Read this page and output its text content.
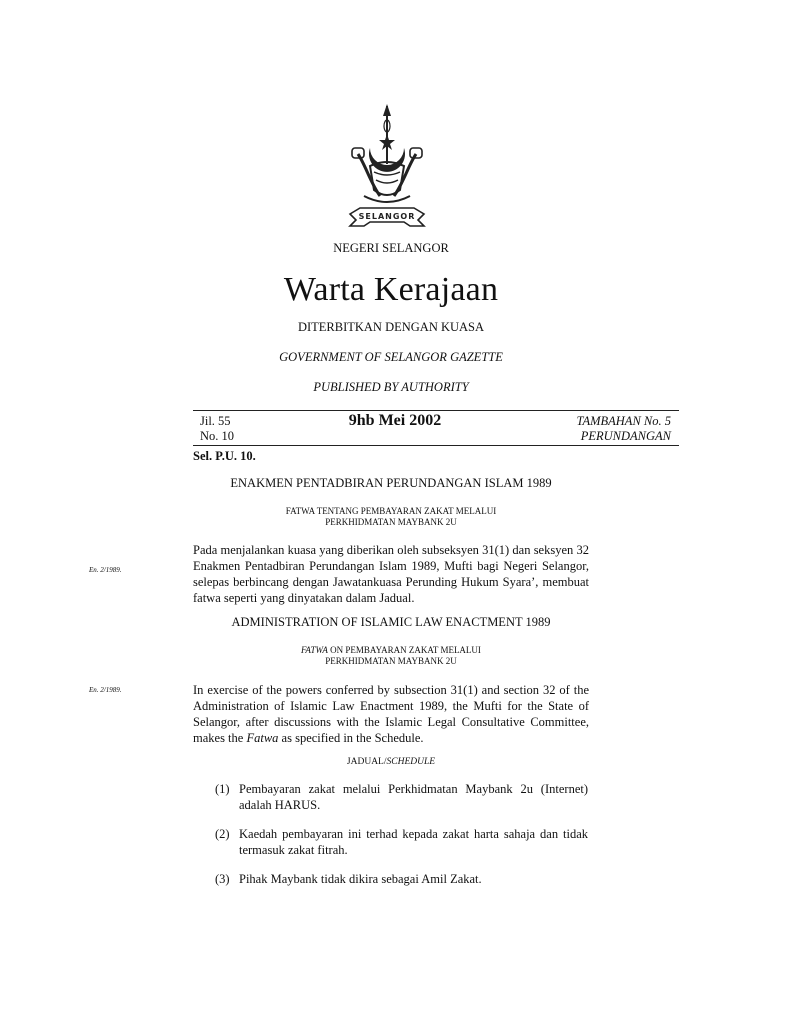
SELANGOR
NEGERI SELANGOR
Warta Kerajaan
DITERBITKAN DENGAN KUASA
GOVERNMENT OF SELANGOR GAZETTE
PUBLISHED BY AUTHORITY
Jil. 55
No. 10
9hb Mei 2002	TAMBAHAN No. 5
PERUNDANGAN
Sel. P.U. 10.
ENAKMEN PENTADBIRAN PERUNDANGAN ISLAM 1989
FATWA TENTANG PEMBAYARAN ZAKAT MELALUI
PERKHIDMATAN MAYBANK 2U
En. 2/1989.
Pada menjalankan kuasa yang diberikan oleh subseksyen 31(1) dan seksyen 32 Enakmen Pentadbiran Perundangan Islam 1989, Mufti bagi Negeri Selangor, selepas berbincang dengan Jawatankuasa Perunding Hukum Syara’, membuat fatwa seperti yang dinyatakan dalam Jadual.
ADMINISTRATION OF ISLAMIC LAW ENACTMENT 1989
FATWA ON PEMBAYARAN ZAKAT MELALUI
PERKHIDMATAN MAYBANK 2U
En. 2/1989.	In exercise of the powers conferred by subsection 31(1) and section 32 of the Administration of Islamic Law Enactment 1989, the Mufti for the State of Selangor, after discussions with the Islamic Legal Consultative Committee, makes the Fatwa as specified in the Schedule.
JADUAL/SCHEDULE
(1) Pembayaran zakat melalui Perkhidmatan Maybank 2u (Internet) adalah HARUS.
(2) Kaedah pembayaran ini terhad kepada zakat harta sahaja dan tidak termasuk zakat fitrah.
(3) Pihak Maybank tidak dikira sebagai Amil Zakat.
